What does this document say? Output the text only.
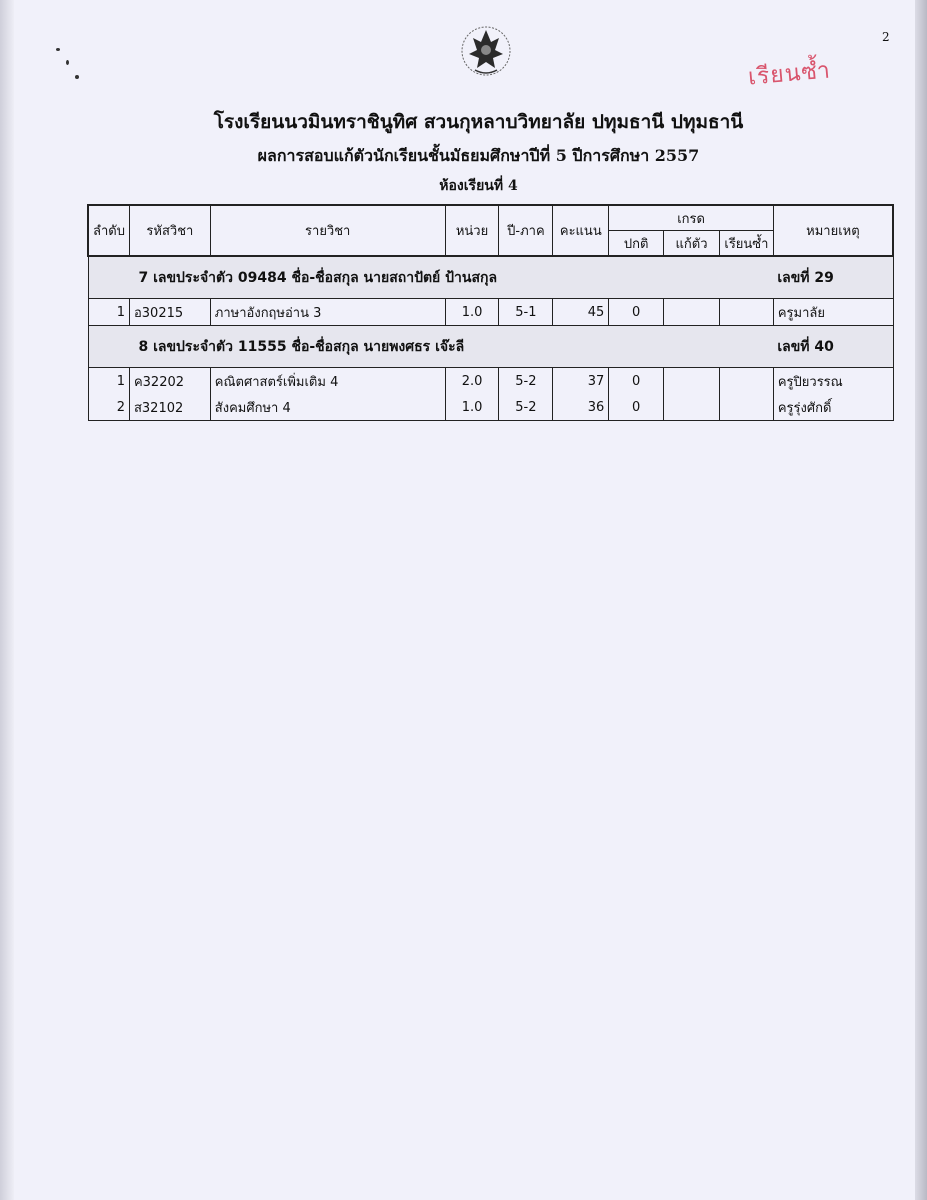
2
เรียนซ้ำ
โรงเรียนนวมินทราชินูทิศ สวนกุหลาบวิทยาลัย ปทุมธานี ปทุมธานี
ผลการสอบแก้ตัวนักเรียนชั้นมัธยมศึกษาปีที่ 5 ปีการศึกษา 2557
ห้องเรียนที่ 4
ลำดับ	รหัสวิชา	รายวิชา	หน่วย	ปี-ภาค	คะแนน	เกรด			หมายเหตุ
						ปกติ	แก้ตัว	เรียนซ้ำ	
7 เลขประจำตัว 09484 ชื่อ-ชื่อสกุล นายสถาปัตย์ ป้านสกุล									เลขที่ 29
1	อ30215	ภาษาอังกฤษอ่าน 3	1.0	5-1	45	0			ครูมาลัย
8 เลขประจำตัว 11555 ชื่อ-ชื่อสกุล นายพงศธร เจ๊ะลี									เลขที่ 40
1	ค32202	คณิตศาสตร์เพิ่มเติม 4	2.0	5-2	37	0			ครูปิยวรรณ
2	ส32102	สังคมศึกษา 4	1.0	5-2	36	0			ครูรุ่งศักดิ์
